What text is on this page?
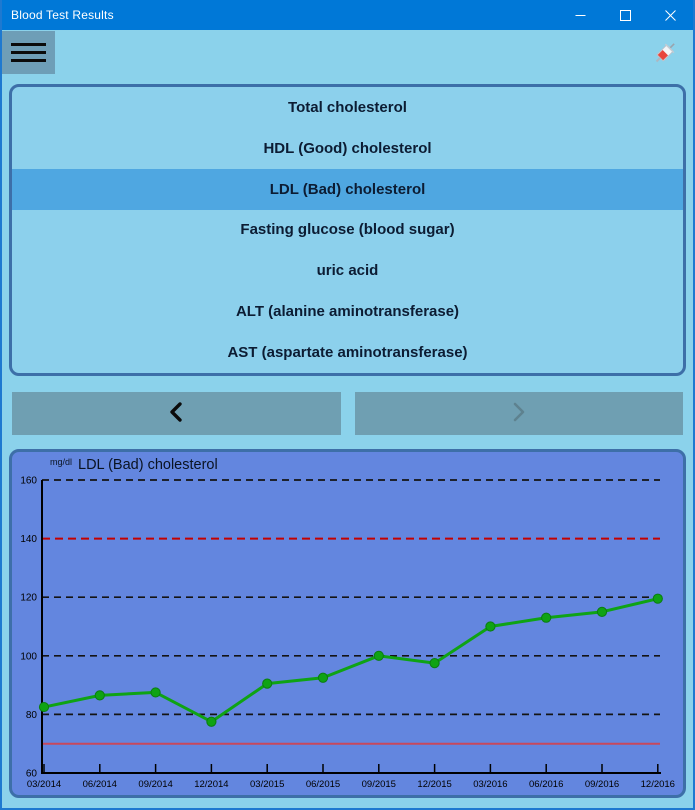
Blood Test Results
Total cholesterol
HDL (Good) cholesterol
LDL (Bad) cholesterol
Fasting glucose (blood sugar)
uric acid
ALT (alanine aminotransferase)
AST (aspartate aminotransferase)
mg/dl LDL (Bad) cholesterol
03/2014 06/2014 09/2014 12/2014 03/2015 06/2015 09/2015 12/2015 03/2016 06/2016 09/2016 12/2016
160
140
120
100
80
60
